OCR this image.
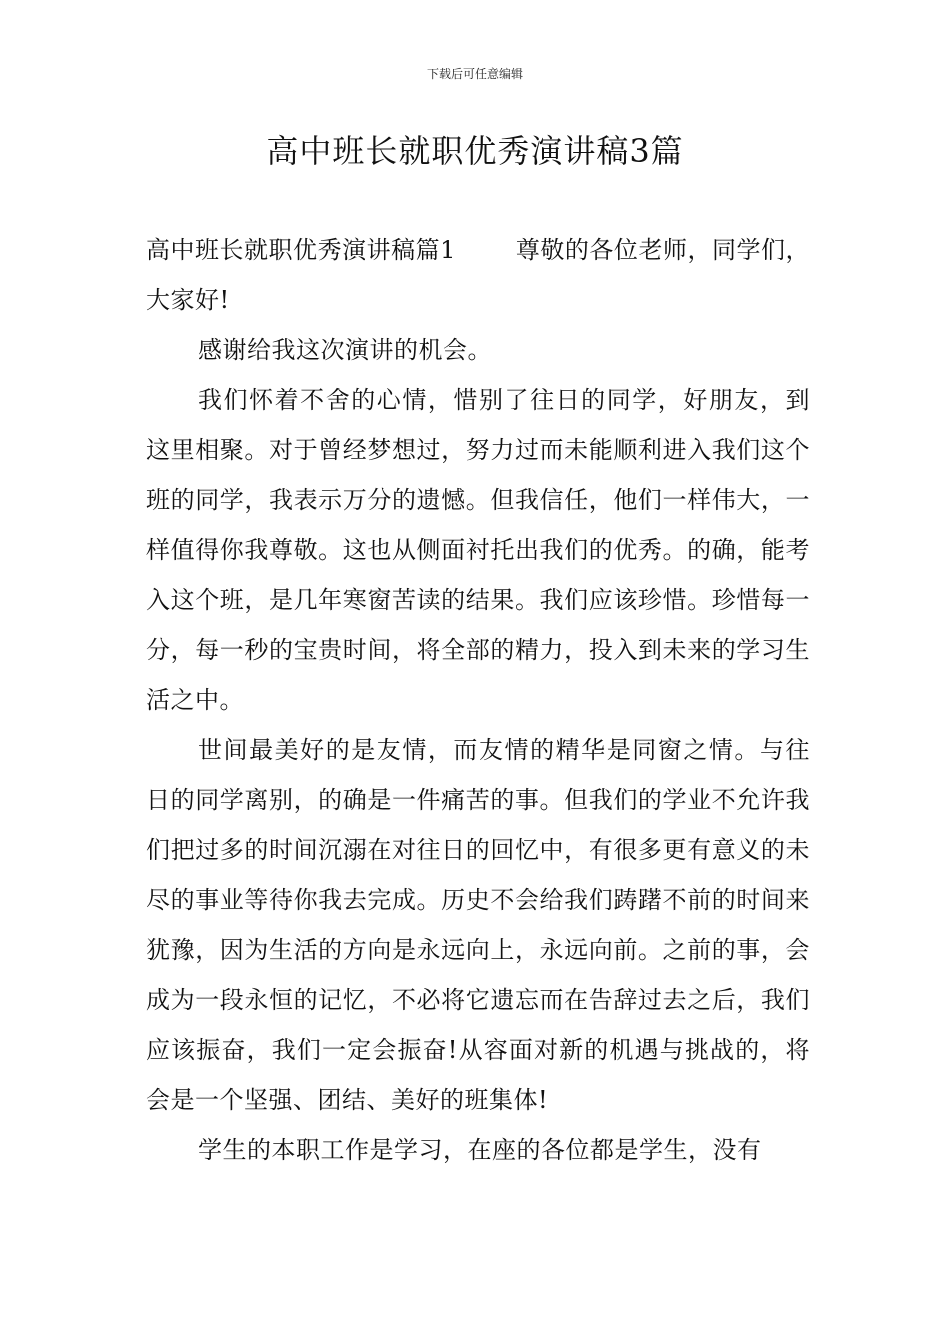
下载后可任意编辑
高中班长就职优秀演讲稿3篇

高中班长就职优秀演讲稿篇1	尊敬的各位老师，同学们，大家好!

感谢给我这次演讲的机会。

我们怀着不舍的心情，惜别了往日的同学，好朋友，到这里相聚。对于曾经梦想过，努力过而未能顺利进入我们这个班的同学，我表示万分的遗憾。但我信任，他们一样伟大，一样值得你我尊敬。这也从侧面衬托出我们的优秀。的确，能考入这个班，是几年寒窗苦读的结果。我们应该珍惜。珍惜每一分，每一秒的宝贵时间，将全部的精力，投入到未来的学习生活之中。

世间最美好的是友情，而友情的精华是同窗之情。与往日的同学离别，的确是一件痛苦的事。但我们的学业不允许我们把过多的时间沉溺在对往日的回忆中，有很多更有意义的未尽的事业等待你我去完成。历史不会给我们踌躇不前的时间来犹豫，因为生活的方向是永远向上，永远向前。之前的事，会成为一段永恒的记忆，不必将它遗忘而在告辞过去之后，我们应该振奋，我们一定会振奋!从容面对新的机遇与挑战的，将会是一个坚强、团结、美好的班集体!

学生的本职工作是学习，在座的各位都是学生，没有
